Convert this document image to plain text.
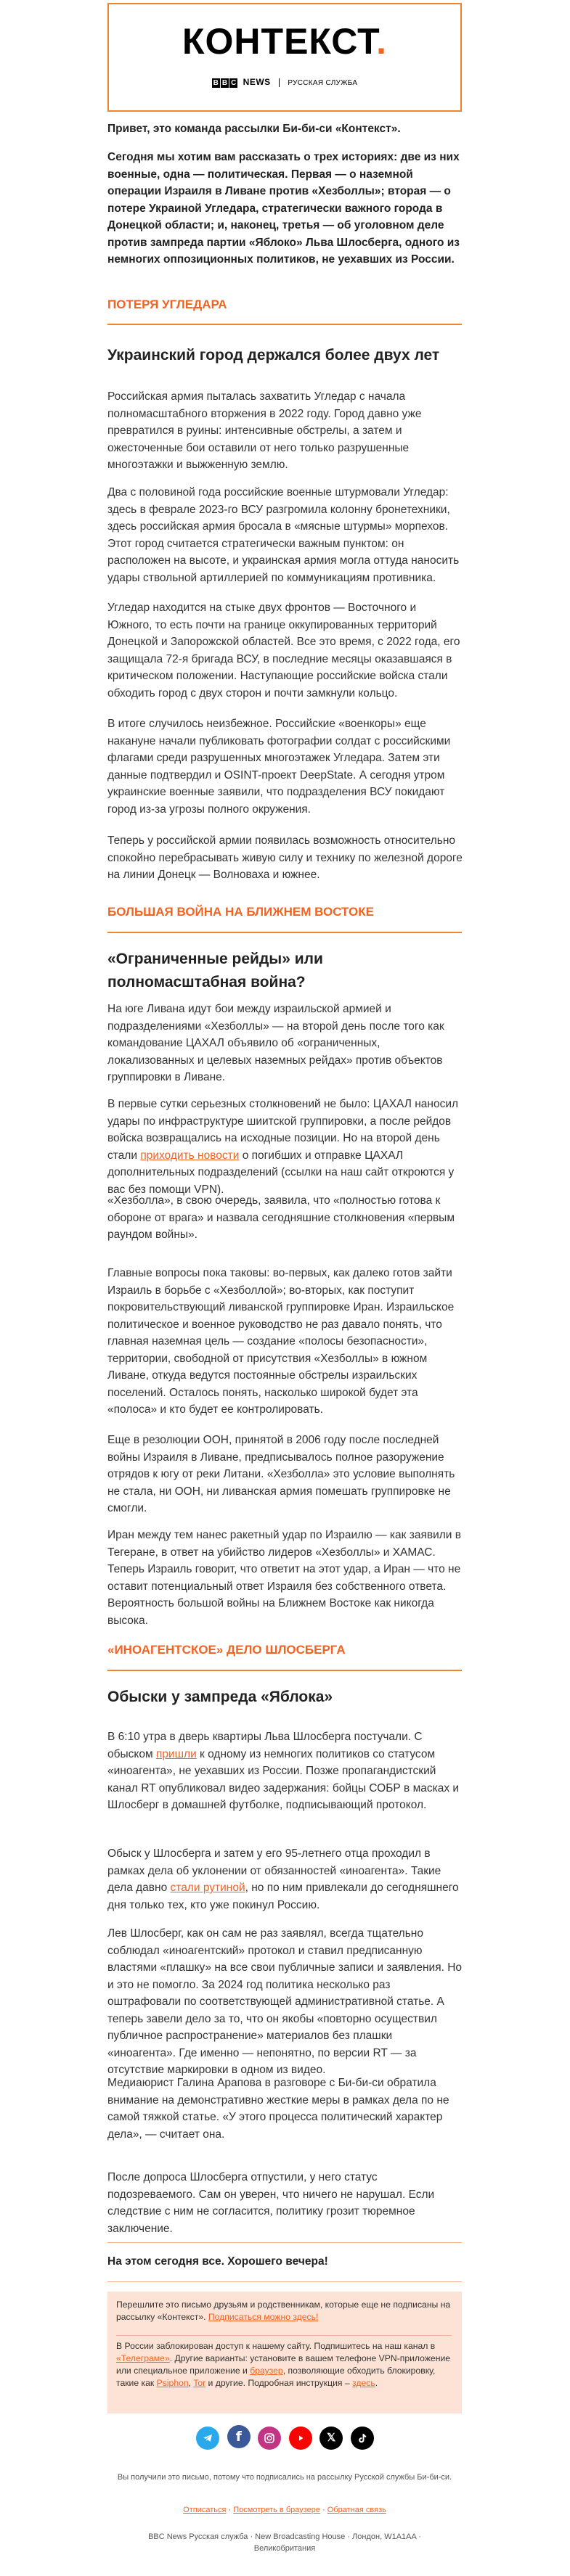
КОНТЕКСТ.
B B C NEWS РУССКАЯ СЛУЖБА

Привет, это команда рассылки Би-би-си «Контекст».

Сегодня мы хотим вам рассказать о трех историях: две из них военные, одна — политическая. Первая — о наземной операции Израиля в Ливане против «Хезболлы»; вторая — о потере Украиной Угледара, стратегически важного города в Донецкой области; и, наконец, третья — об уголовном деле против зампреда партии «Яблоко» Льва Шлосберга, одного из немногих оппозиционных политиков, не уехавших из России.

ПОТЕРЯ УГЛЕДАРА

Украинский город держался более двух лет

Российская армия пыталась захватить Угледар с начала полномасштабного вторжения в 2022 году. Город давно уже превратился в руины: интенсивные обстрелы, а затем и ожесточенные бои оставили от него только разрушенные многоэтажки и выжженную землю.

Два с половиной года российские военные штурмовали Угледар: здесь в феврале 2023-го ВСУ разгромила колонну бронетехники, здесь российская армия бросала в «мясные штурмы» морпехов. Этот город считается стратегически важным пунктом: он расположен на высоте, и украинская армия могла оттуда наносить удары ствольной артиллерией по коммуникациям противника.

Угледар находится на стыке двух фронтов — Восточного и Южного, то есть почти на границе оккупированных территорий Донецкой и Запорожской областей. Все это время, с 2022 года, его защищала 72-я бригада ВСУ, в последние месяцы оказавшаяся в критическом положении. Наступающие российские войска стали обходить город с двух сторон и почти замкнули кольцо.

В итоге случилось неизбежное. Российские «военкоры» еще накануне начали публиковать фотографии солдат с российскими флагами среди разрушенных многоэтажек Угледара. Затем эти данные подтвердил и OSINT-проект DeepState. А сегодня утром украинские военные заявили, что подразделения ВСУ покидают город из-за угрозы полного окружения.

Теперь у российской армии появилась возможность относительно спокойно перебрасывать живую силу и технику по железной дороге на линии Донецк — Волноваха и южнее.

БОЛЬШАЯ ВОЙНА НА БЛИЖНЕМ ВОСТОКЕ

«Ограниченные рейды» или полномасштабная война?

На юге Ливана идут бои между израильской армией и подразделениями «Хезболлы» — на второй день после того как командование ЦАХАЛ объявило об «ограниченных, локализованных и целевых наземных рейдах» против объектов группировки в Ливане.

В первые сутки серьезных столкновений не было: ЦАХАЛ наносил удары по инфраструктуре шиитской группировки, а после рейдов войска возвращались на исходные позиции. Но на второй день стали приходить новости о погибших и отправке ЦАХАЛ дополнительных подразделений (ссылки на наш сайт откроются у вас без помощи VPN).

«Хезболла», в свою очередь, заявила, что «полностью готова к обороне от врага» и назвала сегодняшние столкновения «первым раундом войны».

Главные вопросы пока таковы: во-первых, как далеко готов зайти Израиль в борьбе с «Хезболлой»; во-вторых, как поступит покровительствующий ливанской группировке Иран. Израильское политическое и военное руководство не раз давало понять, что главная наземная цель — создание «полосы безопасности», территории, свободной от присутствия «Хезболлы» в южном Ливане, откуда ведутся постоянные обстрелы израильских поселений. Осталось понять, насколько широкой будет эта «полоса» и кто будет ее контролировать.

Еще в резолюции ООН, принятой в 2006 году после последней войны Израиля в Ливане, предписывалось полное разоружение отрядов к югу от реки Литани. «Хезболла» это условие выполнять не стала, ни ООН, ни ливанская армия помешать группировке не смогли.

Иран между тем нанес ракетный удар по Израилю — как заявили в Тегеране, в ответ на убийство лидеров «Хезболлы» и ХАМАС. Теперь Израиль говорит, что ответит на этот удар, а Иран — что не оставит потенциальный ответ Израиля без собственного ответа. Вероятность большой войны на Ближнем Востоке как никогда высока.

«ИНОАГЕНТСКОЕ» ДЕЛО ШЛОСБЕРГА

Обыски у зампреда «Яблока»

В 6:10 утра в дверь квартиры Льва Шлосберга постучали. С обыском пришли к одному из немногих политиков со статусом «иноагента», не уехавших из России. Позже пропагандистский канал RT опубликовал видео задержания: бойцы СОБР в масках и Шлосберг в домашней футболке, подписывающий протокол.

Обыск у Шлосберга и затем у его 95-летнего отца проходил в рамках дела об уклонении от обязанностей «иноагента». Такие дела давно стали рутиной, но по ним привлекали до сегодняшнего дня только тех, кто уже покинул Россию.

Лев Шлосберг, как он сам не раз заявлял, всегда тщательно соблюдал «иноагентский» протокол и ставил предписанную властями «плашку» на все свои публичные записи и заявления. Но и это не помогло. За 2024 год политика несколько раз оштрафовали по соответствующей административной статье. А теперь завели дело за то, что он якобы «повторно осуществил публичное распространение» материалов без плашки «иноагента». Где именно — непонятно, по версии RT — за отсутствие маркировки в одном из видео.

Медиаюрист Галина Арапова в разговоре с Би-би-си обратила внимание на демонстративно жесткие меры в рамках дела по не самой тяжкой статье. «У этого процесса политический характер дела», — считает она.

После допроса Шлосберга отпустили, у него статус подозреваемого. Сам он уверен, что ничего не нарушал. Если следствие с ним не согласится, политику грозит тюремное заключение.

На этом сегодня все. Хорошего вечера!

Перешлите это письмо друзьям и родственникам, которые еще не подписаны на рассылку «Контекст». Подписаться можно здесь!

В России заблокирован доступ к нашему сайту. Подпишитесь на наш канал в «Телеграме». Другие варианты: установите в вашем телефоне VPN-приложение или специальное приложение и браузер, позволяющие обходить блокировку, такие как Psiphon, Tor и другие. Подробная инструкция – здесь.

f	𝕏

Вы получили это письмо, потому что подписались на рассылку Русской службы Би-би-си.

Отписаться · Посмотреть в браузере · Обратная связь

BBC News Русская служба · New Broadcasting House · Лондон, W1A1AA ·
Великобритания
